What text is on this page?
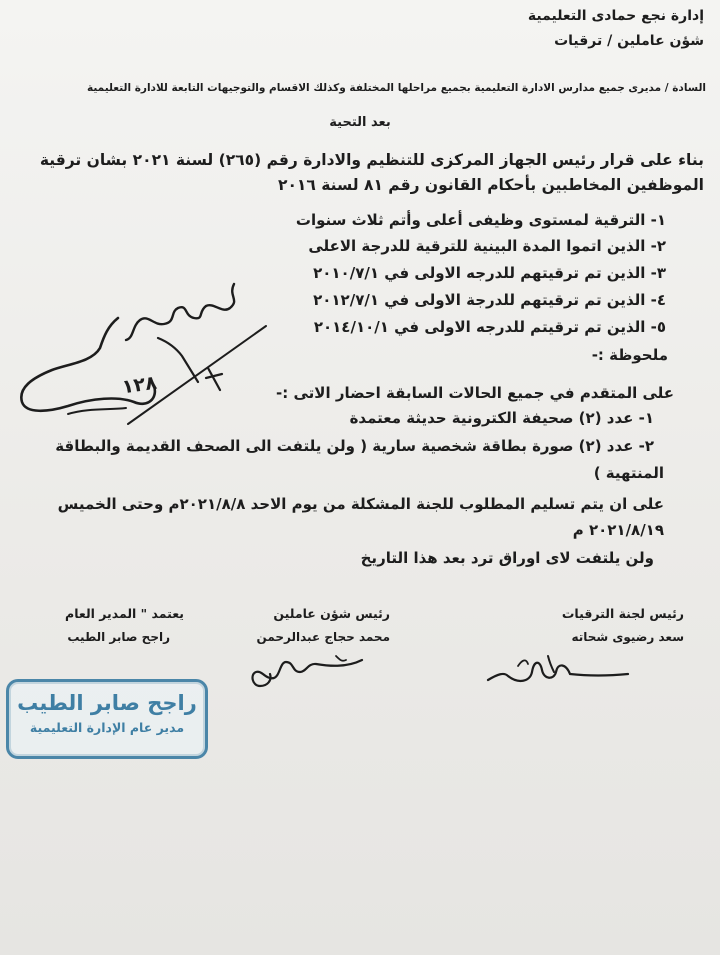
إدارة نجع حمادى التعليمية
شؤن عاملين / ترقيات
السادة / مديرى جميع مدارس الادارة التعليمية بجميع مراحلها المختلفة وكذلك الاقسام والتوجيهات التابعة للادارة التعليمية
بعد التحية
بناء على قرار رئيس الجهاز المركزى للتنظيم والادارة رقم (٢٦٥) لسنة ٢٠٢١ بشان ترقية
الموظفين المخاطبين بأحكام القانون رقم ٨١ لسنة ٢٠١٦
١- الترقية لمستوى وظيفى أعلى وأتم ثلاث سنوات
٢- الذين اتموا المدة البينية للترقية للدرجة الاعلى
٣- الذين تم ترقيتهم للدرجه الاولى في ٢٠١٠/٧/١
٤- الذين تم ترقيتهم للدرجة الاولى في ٢٠١٢/٧/١
٥- الذين تم ترقيتم للدرجه الاولى في ٢٠١٤/١٠/١
ملحوظة :-
على المتقدم في جميع الحالات السابقة احضار الاتى :-
١- عدد (٢) صحيفة الكترونية حديثة معتمدة
٢- عدد (٢) صورة بطاقة شخصية سارية ( ولن يلتفت الى الصحف القديمة والبطاقة
المنتهية )
على ان يتم تسليم المطلوب للجنة المشكلة من يوم الاحد ٢٠٢١/٨/٨م وحتى الخميس
٢٠٢١/٨/١٩ م
ولن يلتفت لاى اوراق ترد بعد هذا التاريخ
رئيس لجنة الترقيات
سعد رضيوى شحاته
رئيس شؤن عاملين
محمد حجاج عبدالرحمن
يعتمد " المدير العام
راجح صابر الطيب
١٢٨
راجح صابر الطيب
مدير عام الإدارة التعليمية
